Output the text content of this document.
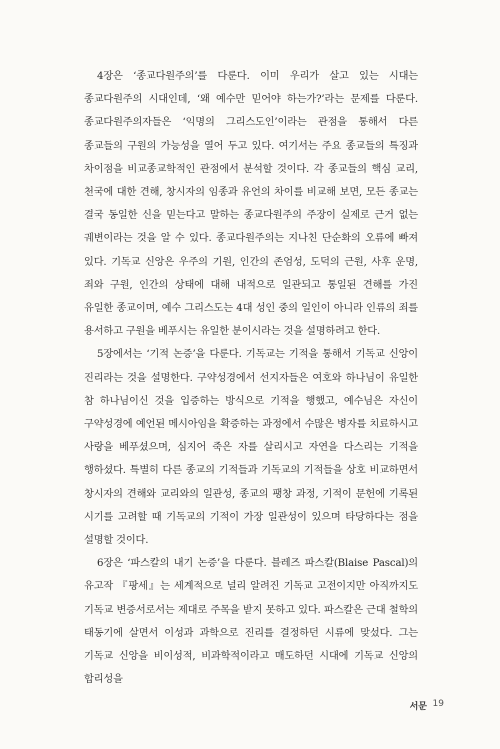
4장은 ‘종교다원주의’를 다룬다. 이미 우리가 살고 있는 시대는 종교다원주의 시대인데, ‘왜 예수만 믿어야 하는가?’라는 문제를 다룬다. 종교다원주의자들은 ‘익명의 그리스도인’이라는 관점을 통해서 다른 종교들의 구원의 가능성을 열어 두고 있다. 여기서는 주요 종교들의 특징과 차이점을 비교종교학적인 관점에서 분석할 것이다. 각 종교들의 핵심 교리, 천국에 대한 견해, 창시자의 임종과 유언의 차이를 비교해 보면, 모든 종교는 결국 동일한 신을 믿는다고 말하는 종교다원주의 주장이 실제로 근거 없는 궤변이라는 것을 알 수 있다. 종교다원주의는 지나친 단순화의 오류에 빠져 있다. 기독교 신앙은 우주의 기원, 인간의 존엄성, 도덕의 근원, 사후 운명, 죄와 구원, 인간의 상태에 대해 내적으로 일관되고 통일된 견해를 가진 유일한 종교이며, 예수 그리스도는 4대 성인 중의 일인이 아니라 인류의 죄를 용서하고 구원을 베푸시는 유일한 분이시라는 것을 설명하려고 한다.

5장에서는 ‘기적 논증’을 다룬다. 기독교는 기적을 통해서 기독교 신앙이 진리라는 것을 설명한다. 구약성경에서 선지자들은 여호와 하나님이 유일한 참 하나님이신 것을 입증하는 방식으로 기적을 행했고, 예수님은 자신이 구약성경에 예언된 메시아임을 확증하는 과정에서 수많은 병자를 치료하시고 사랑을 베푸셨으며, 심지어 죽은 자를 살리시고 자연을 다스리는 기적을 행하셨다. 특별히 다른 종교의 기적들과 기독교의 기적들을 상호 비교하면서 창시자의 견해와 교리와의 일관성, 종교의 팽창 과정, 기적이 문헌에 기록된 시기를 고려할 때 기독교의 기적이 가장 일관성이 있으며 타당하다는 점을 설명할 것이다.

6장은 ‘파스칼의 내기 논증’을 다룬다. 블레즈 파스칼(Blaise Pascal)의 유고작 『팡세』는 세계적으로 널리 알려진 기독교 고전이지만 아직까지도 기독교 변증서로서는 제대로 주목을 받지 못하고 있다. 파스칼은 근대 철학의 태동기에 살면서 이성과 과학으로 진리를 결정하던 시류에 맞섰다. 그는 기독교 신앙을 비이성적, 비과학적이라고 매도하던 시대에 기독교 신앙의 합리성을

서문 19
